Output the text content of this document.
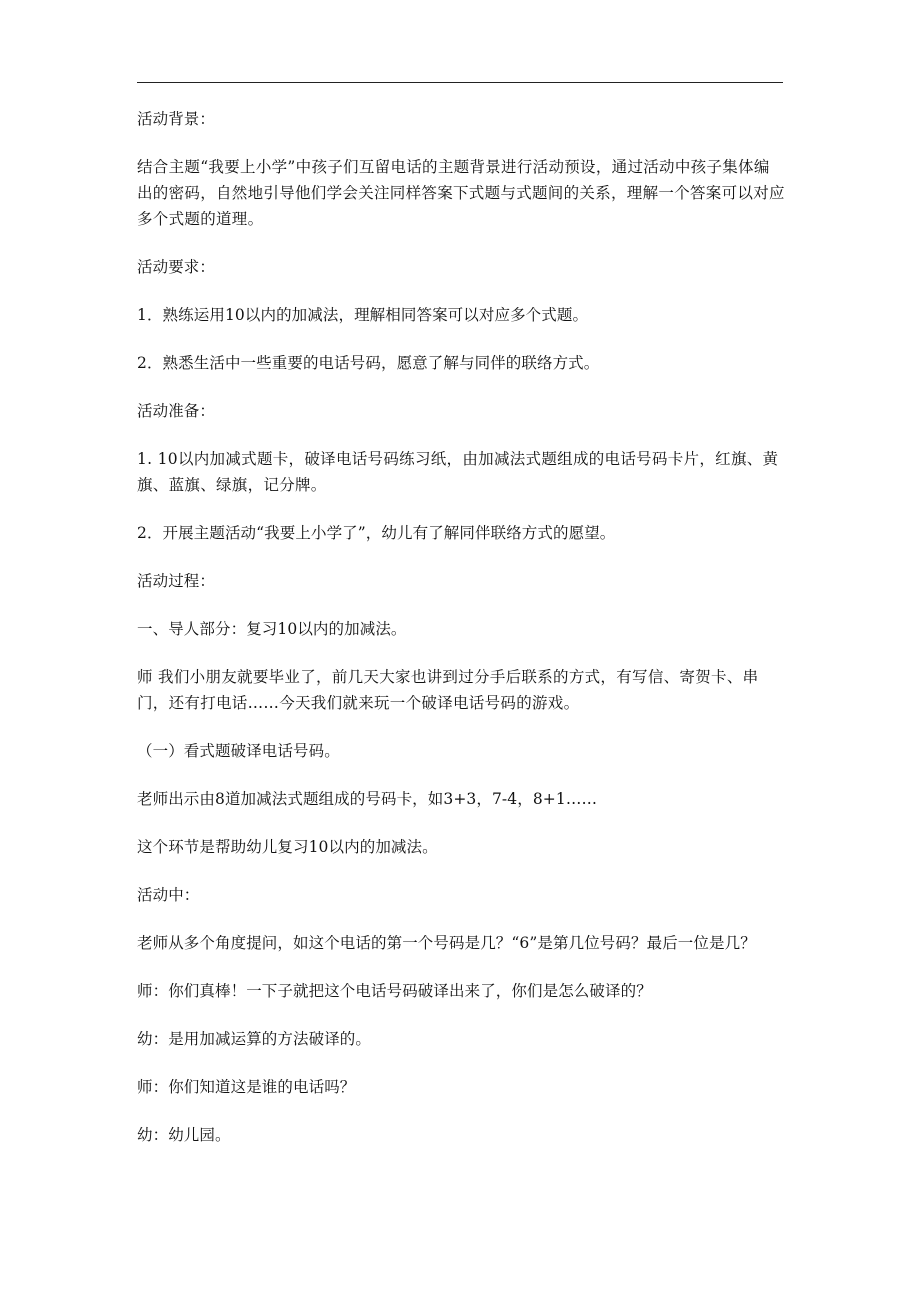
活动背景：

结合主题“我要上小学”中孩子们互留电话的主题背景进行活动预设，通过活动中孩子集体编出的密码，自然地引导他们学会关注同样答案下式题与式题间的关系，理解一个答案可以对应多个式题的道理。

活动要求：

1．熟练运用10以内的加减法，理解相同答案可以对应多个式题。

2．熟悉生活中一些重要的电话号码，愿意了解与同伴的联络方式。

活动准备：

1. 10以内加减式题卡，破译电话号码练习纸，由加减法式题组成的电话号码卡片，红旗、黄旗、蓝旗、绿旗，记分牌。

2．开展主题活动“我要上小学了”，幼儿有了解同伴联络方式的愿望。

活动过程：

一、导人部分：复习10以内的加减法。

师 我们小朋友就要毕业了，前几天大家也讲到过分手后联系的方式，有写信、寄贺卡、串门，还有打电话……今天我们就来玩一个破译电话号码的游戏。

（一）看式题破译电话号码。

老师出示由8道加减法式题组成的号码卡，如3+3，7-4，8+1……

这个环节是帮助幼儿复习10以内的加减法。

活动中：

老师从多个角度提问，如这个电话的第一个号码是几？“6”是第几位号码？最后一位是几？

师：你们真棒！一下子就把这个电话号码破译出来了，你们是怎么破译的？

幼：是用加减运算的方法破译的。

师：你们知道这是谁的电话吗？

幼：幼儿园。
